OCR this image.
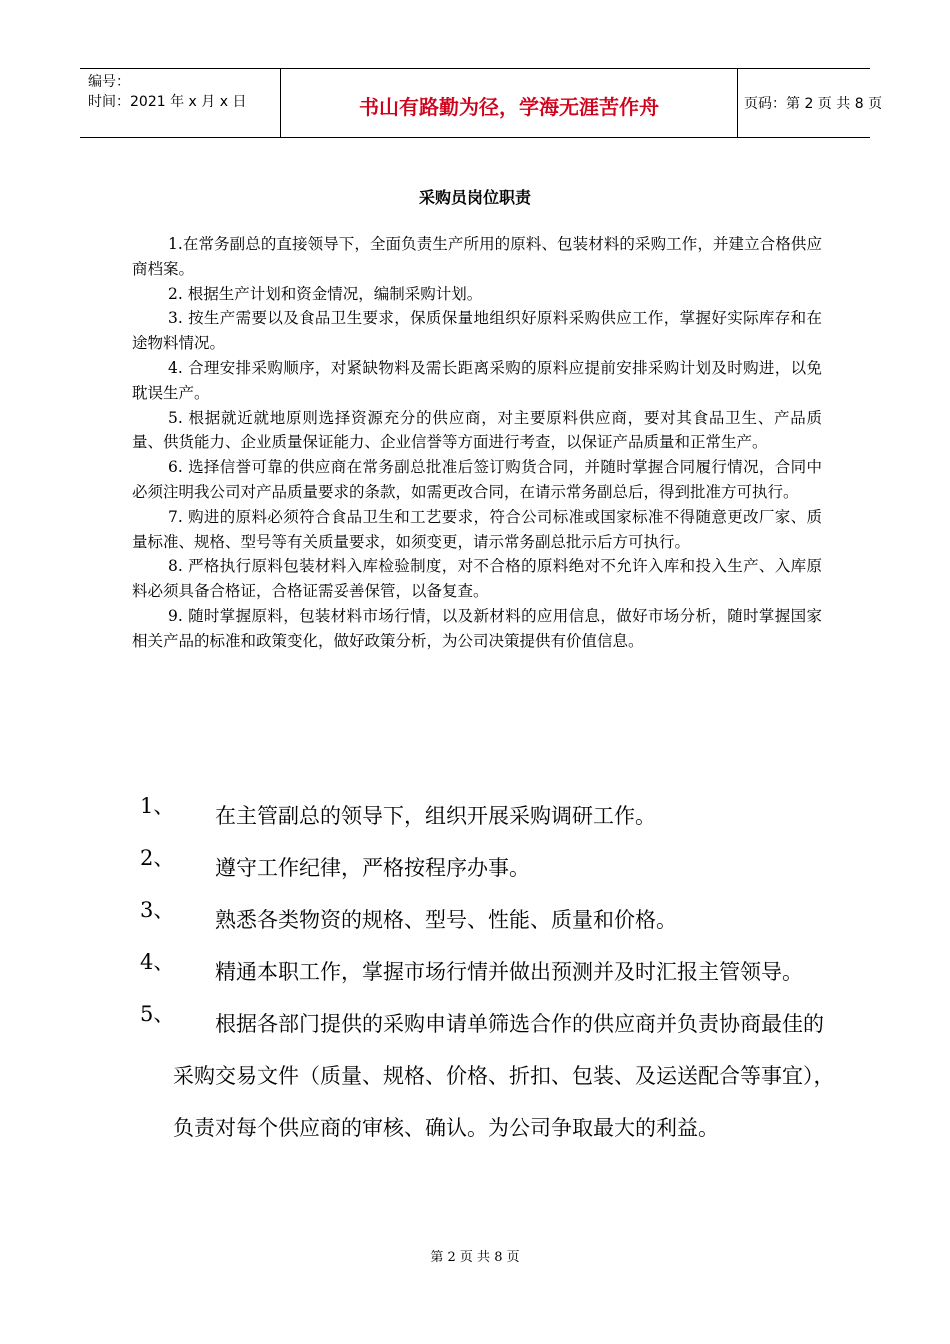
编号：
时间：2021 年 x 月 x 日	书山有路勤为径，学海无涯苦作舟	页码：第 2 页 共 8 页
采购员岗位职责

1.在常务副总的直接领导下，全面负责生产所用的原料、包装材料的采购工作，并建立合格供应商档案。

2. 根据生产计划和资金情况，编制采购计划。

3. 按生产需要以及食品卫生要求，保质保量地组织好原料采购供应工作，掌握好实际库存和在途物料情况。

4. 合理安排采购顺序，对紧缺物料及需长距离采购的原料应提前安排采购计划及时购进，以免耽误生产。

5. 根据就近就地原则选择资源充分的供应商，对主要原料供应商，要对其食品卫生、产品质量、供货能力、企业质量保证能力、企业信誉等方面进行考查，以保证产品质量和正常生产。

6. 选择信誉可靠的供应商在常务副总批准后签订购货合同，并随时掌握合同履行情况，合同中必须注明我公司对产品质量要求的条款，如需更改合同，在请示常务副总后，得到批准方可执行。

7. 购进的原料必须符合食品卫生和工艺要求，符合公司标准或国家标准不得随意更改厂家、质量标准、规格、型号等有关质量要求，如须变更，请示常务副总批示后方可执行。

8. 严格执行原料包装材料入库检验制度，对不合格的原料绝对不允许入库和投入生产、入库原料必须具备合格证，合格证需妥善保管，以备复查。

9. 随时掌握原料，包装材料市场行情，以及新材料的应用信息，做好市场分析，随时掌握国家相关产品的标准和政策变化，做好政策分析，为公司决策提供有价值信息。

1、	在主管副总的领导下，组织开展采购调研工作。

2、	遵守工作纪律，严格按程序办事。

3、	熟悉各类物资的规格、型号、性能、质量和价格。

4、	精通本职工作，掌握市场行情并做出预测并及时汇报主管领导。

5、	根据各部门提供的采购申请单筛选合作的供应商并负责协商最佳的采购交易文件（质量、规格、价格、折扣、包装、及运送配合等事宜），负责对每个供应商的审核、确认。为公司争取最大的利益。

第 2 页 共 8 页
